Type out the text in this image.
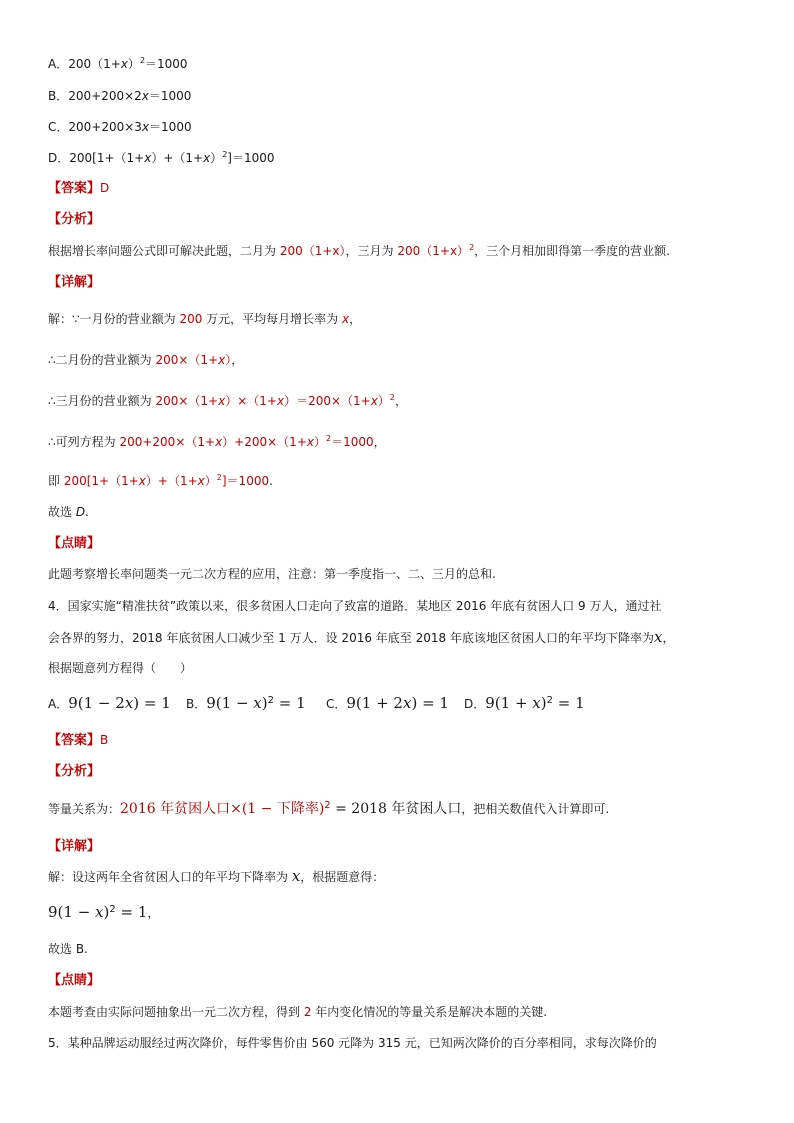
A．$200(1+x)^2=1000$
B．200+200×2x＝1000
C．200+200×3x＝1000
D．$200[1+(1+x)+(1+x)^2]=1000$
【答案】D
【分析】
根据增长率问题公式即可解决此题，二月为 200（1+x），三月为 $200(1+x)^2$，三个月相加即得第一季度的营业额.
【详解】
解：∵一月份的营业额为 200 万元，平均每月增长率为 x，
∴二月份的营业额为 200×（1+x），
∴三月份的营业额为 $200\times(1+x)\times(1+x)=200\times(1+x)^2$，
∴可列方程为 $200+200\times(1+x)+200\times(1+x)^2=1000$，
即 $200[1+(1+x)+(1+x)^2]=1000$.
故选 D.
【点睛】
此题考察增长率问题类一元二次方程的应用，注意：第一季度指一、二、三月的总和.
4．国家实施“精准扶贫”政策以来，很多贫困人口走向了致富的道路．某地区 2016 年底有贫困人口 9 万人，通过社
会各界的努力，2018 年底贫困人口减少至 1 万人．设 2016 年底至 2018 年底该地区贫困人口的年平均下降率为x，
根据题意列方程得（　　）
A．9(1 − 2x) = 1 B．$9(1 - x)^2 = 1$ C．9(1 + 2x) = 1 D．$9(1 + x)^2 = 1$
【答案】B
【分析】
等量关系为：2016 年贫困人口×(1 − 下降率)$^2$ = 2018 年贫困人口，把相关数值代入计算即可.
【详解】
解：设这两年全省贫困人口的年平均下降率为 x，根据题意得：
$9(1 - x)^2 = 1$，
故选 B.
【点睛】
本题考查由实际问题抽象出一元二次方程，得到 2 年内变化情况的等量关系是解决本题的关键.
5．某种品牌运动服经过两次降价，每件零售价由 560 元降为 315 元，已知两次降价的百分率相同，求每次降价的
